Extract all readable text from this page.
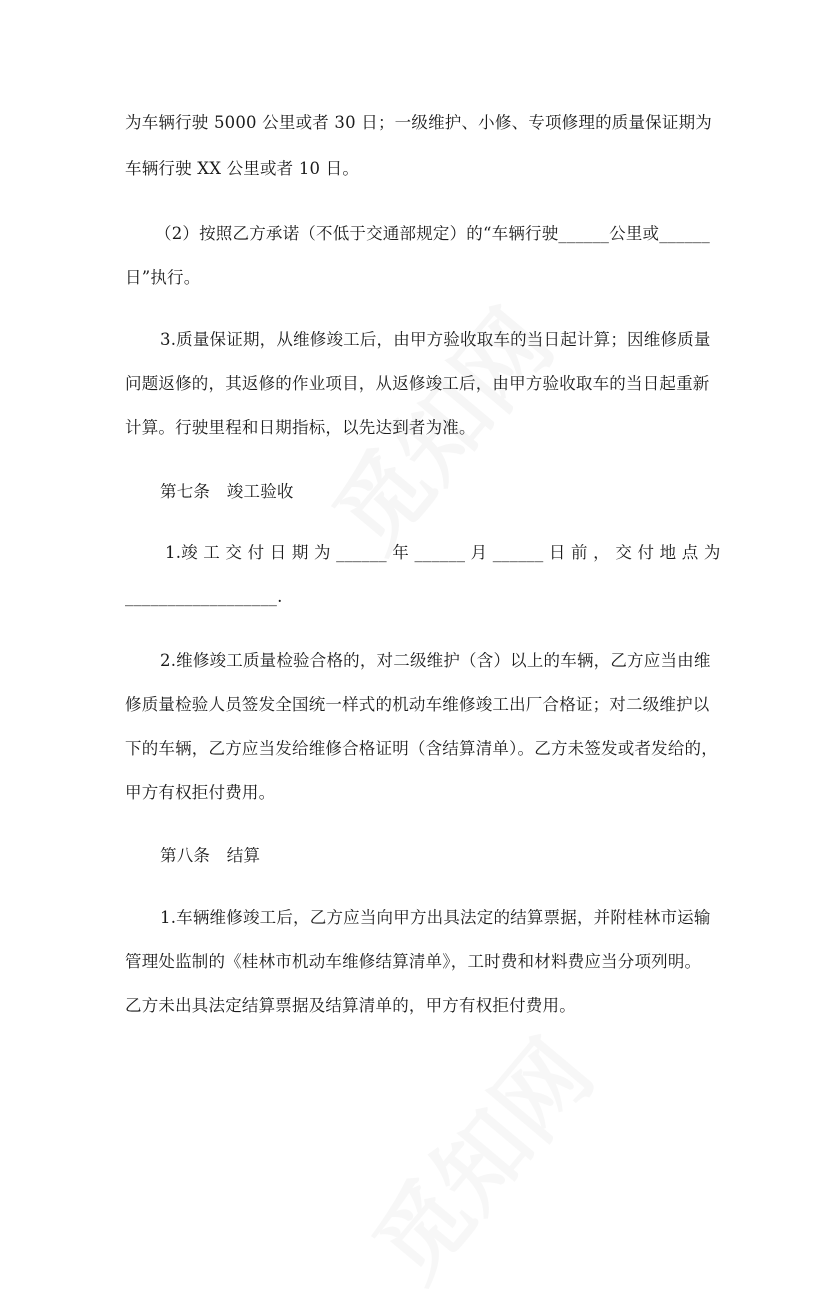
为车辆行驶 5000 公里或者 30 日；一级维护、小修、专项修理的质量保证期为
车辆行驶 XX 公里或者 10 日。
（2）按照乙方承诺（不低于交通部规定）的“车辆行驶______公里或______
日”执行。
3.质量保证期，从维修竣工后，由甲方验收取车的当日起计算；因维修质量
问题返修的，其返修的作业项目，从返修竣工后，由甲方验收取车的当日起重新
计算。行驶里程和日期指标，以先达到者为准。
第七条　竣工验收
1.竣 工 交 付 日 期 为 ______ 年 ______ 月 ______ 日 前 ， 交 付 地 点 为
__________________.
2.维修竣工质量检验合格的，对二级维护（含）以上的车辆，乙方应当由维
修质量检验人员签发全国统一样式的机动车维修竣工出厂合格证；对二级维护以
下的车辆，乙方应当发给维修合格证明（含结算清单）。乙方未签发或者发给的，
甲方有权拒付费用。
第八条　结算
1.车辆维修竣工后，乙方应当向甲方出具法定的结算票据，并附桂林市运输
管理处监制的《桂林市机动车维修结算清单》，工时费和材料费应当分项列明。
乙方未出具法定结算票据及结算清单的，甲方有权拒付费用。
